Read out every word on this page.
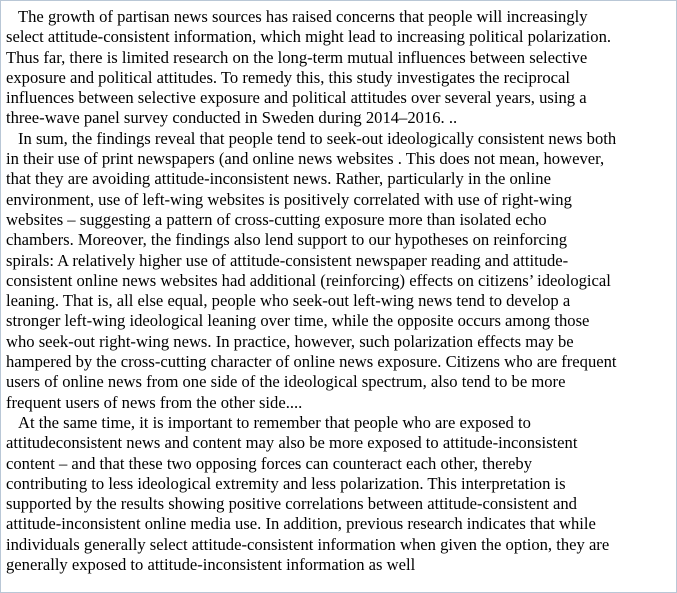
The growth of partisan news sources has raised concerns that people will increasingly

select attitude-consistent information, which might lead to increasing political polarization.
Thus far, there is limited research on the long-term mutual influences between selective
exposure and political attitudes. To remedy this, this study investigates the reciprocal
influences between selective exposure and political attitudes over several years, using a
three-wave panel survey conducted in Sweden during 2014–2016. ..

In sum, the findings reveal that people tend to seek-out ideologically consistent news both

in their use of print newspapers (and online news websites . This does not mean, however,
that they are avoiding attitude-inconsistent news. Rather, particularly in the online
environment, use of left-wing websites is positively correlated with use of right-wing
websites – suggesting a pattern of cross-cutting exposure more than isolated echo
chambers. Moreover, the findings also lend support to our hypotheses on reinforcing
spirals: A relatively higher use of attitude-consistent newspaper reading and attitude-
consistent online news websites had additional (reinforcing) effects on citizens’ ideological
leaning. That is, all else equal, people who seek-out left-wing news tend to develop a
stronger left-wing ideological leaning over time, while the opposite occurs among those
who seek-out right-wing news. In practice, however, such polarization effects may be
hampered by the cross-cutting character of online news exposure. Citizens who are frequent
users of online news from one side of the ideological spectrum, also tend to be more
frequent users of news from the other side....

At the same time, it is important to remember that people who are exposed to

attitudeconsistent news and content may also be more exposed to attitude-inconsistent
content – and that these two opposing forces can counteract each other, thereby
contributing to less ideological extremity and less polarization. This interpretation is
supported by the results showing positive correlations between attitude-consistent and
attitude-inconsistent online media use. In addition, previous research indicates that while
individuals generally select attitude-consistent information when given the option, they are
generally exposed to attitude-inconsistent information as well
